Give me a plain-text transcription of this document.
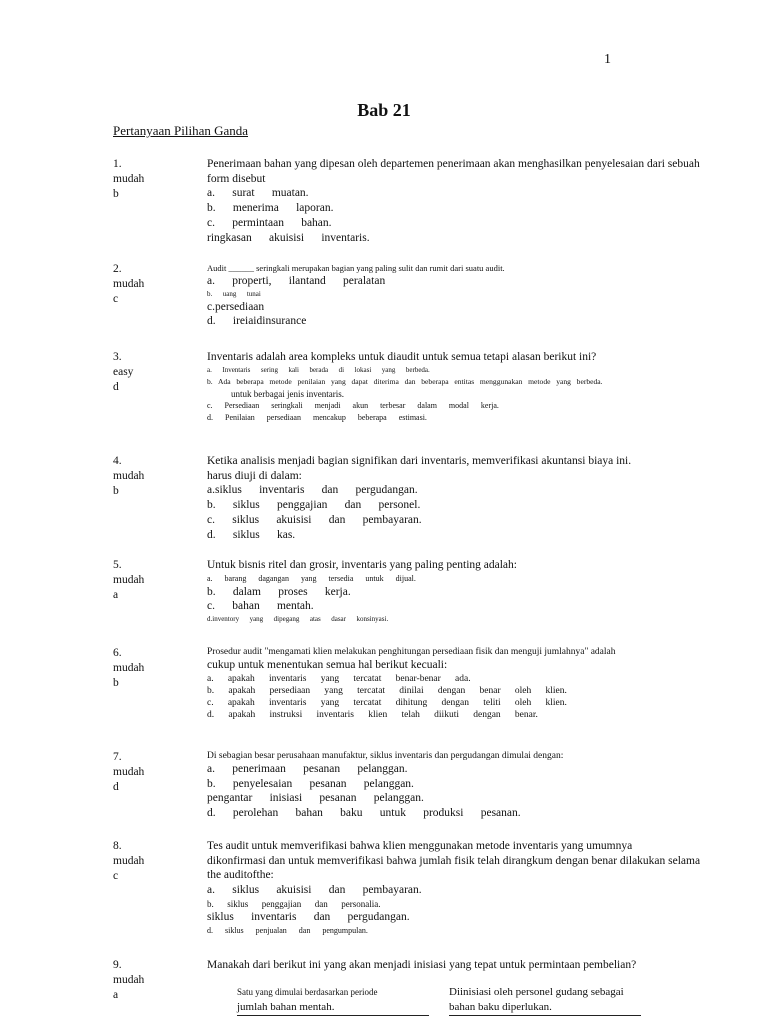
1
Bab 21
Pertanyaan Pilihan Ganda
1.
mudah
b
Penerimaan bahan yang dipesan oleh departemen penerimaan akan menghasilkan penyelesaian dari sebuah
form disebut
a.      surat      muatan.
b.      menerima      laporan.
c.      permintaan      bahan.
ringkasan      akuisisi      inventaris.
2.
mudah
c
Audit ______ seringkali merupakan bagian yang paling sulit dan rumit dari suatu audit.
a.      properti,      ilantand      peralatan
b.      uang      tunai
c.persediaan
d.      ireiaidinsurance
3.
easy
d
Inventaris adalah area kompleks untuk diaudit untuk semua tetapi alasan berikut ini?
a.      Inventaris      sering      kali      berada      di      lokasi      yang      berbeda.
b.   Ada   beberapa   metode   penilaian   yang   dapat   diterima   dan   beberapa   entitas   menggunakan   metode   yang   berbeda.
untuk berbagai jenis inventaris.
c.      Persediaan      seringkali      menjadi      akun      terbesar      dalam      modal      kerja.
d.      Penilaian      persediaan      mencakup      beberapa      estimasi.
4.
mudah
b
Ketika analisis menjadi bagian signifikan dari inventaris, memverifikasi akuntansi biaya ini.
harus diuji di dalam:
a.siklus      inventaris      dan      pergudangan.
b.      siklus      penggajian      dan      personel.
c.      siklus      akuisisi      dan      pembayaran.
d.      siklus      kas.
5.
mudah
a
Untuk bisnis ritel dan grosir, inventaris yang paling penting adalah:
a.      barang      dagangan      yang      tersedia      untuk      dijual.
b.      dalam      proses      kerja.
c.      bahan      mentah.
d.inventory      yang      dipegang      atas      dasar      konsinyasi.
6.
mudah
b
Prosedur audit "mengamati klien melakukan penghitungan persediaan fisik dan menguji jumlahnya" adalah
cukup untuk menentukan semua hal berikut kecuali:
a.      apakah      inventaris      yang      tercatat      benar-benar      ada.
b.      apakah      persediaan      yang      tercatat      dinilai      dengan      benar      oleh      klien.
c.      apakah      inventaris      yang      tercatat      dihitung      dengan      teliti      oleh      klien.
d.      apakah      instruksi      inventaris      klien      telah      diikuti      dengan      benar.
7.
mudah
d
Di sebagian besar perusahaan manufaktur, siklus inventaris dan pergudangan dimulai dengan:
a.      penerimaan      pesanan      pelanggan.
b.      penyelesaian      pesanan      pelanggan.
pengantar      inisiasi      pesanan      pelanggan.
d.      perolehan      bahan      baku      untuk      produksi      pesanan.
8.
mudah
c
Tes audit untuk memverifikasi bahwa klien menggunakan metode inventaris yang umumnya
dikonfirmasi dan untuk memverifikasi bahwa jumlah fisik telah dirangkum dengan benar dilakukan selama
the auditofthe:
a.      siklus      akuisisi      dan      pembayaran.
b.      siklus      penggajian      dan      personalia.
siklus      inventaris      dan      pergudangan.
d.      siklus      penjualan      dan      pengumpulan.
9.
mudah
a
Manakah dari berikut ini yang akan menjadi inisiasi yang tepat untuk permintaan pembelian?
Satu yang dimulai berdasarkan periode
jumlah bahan mentah.
Diinisiasi oleh personel gudang sebagai
bahan baku diperlukan.
